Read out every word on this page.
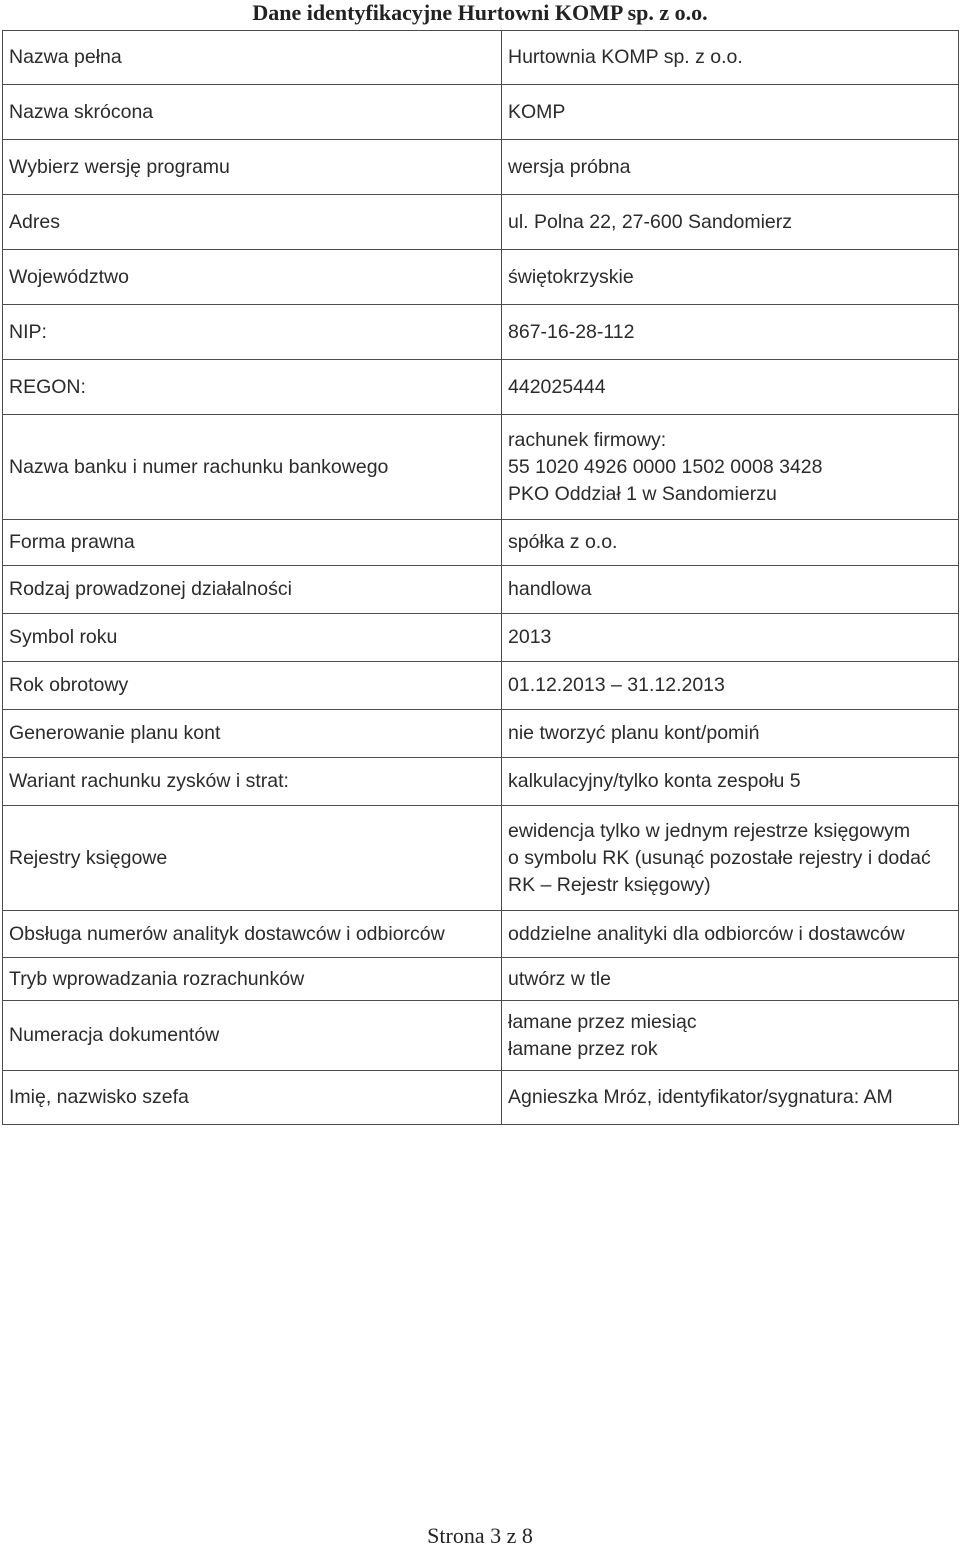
Dane identyfikacyjne Hurtowni KOMP sp. z o.o.
Nazwa pełna	Hurtownia KOMP sp. z o.o.

Nazwa skrócona	KOMP

Wybierz wersję programu	wersja próbna

Adres	ul. Polna 22, 27-600 Sandomierz

Województwo	świętokrzyskie

NIP:	867-16-28-112

REGON:	442025444

Nazwa banku i numer rachunku bankowego	rachunek firmowy:
55 1020 4926 0000 1502 0008 3428
PKO Oddział 1 w Sandomierzu

Forma prawna	spółka z o.o.

Rodzaj prowadzonej działalności	handlowa

Symbol roku	2013

Rok obrotowy	01.12.2013 – 31.12.2013

Generowanie planu kont	nie tworzyć planu kont/pomiń

Wariant rachunku zysków i strat:	kalkulacyjny/tylko konta zespołu 5

Rejestry księgowe	ewidencja tylko w jednym rejestrze księgowym
o symbolu RK (usunąć pozostałe rejestry i dodać
RK – Rejestr księgowy)

Obsługa numerów analityk dostawców i odbiorców	oddzielne analityki dla odbiorców i dostawców

Tryb wprowadzania rozrachunków	utwórz w tle

Numeracja dokumentów	łamane przez miesiąc
łamane przez rok

Imię, nazwisko szefa	Agnieszka Mróz, identyfikator/sygnatura: AM
Strona 3 z 8
